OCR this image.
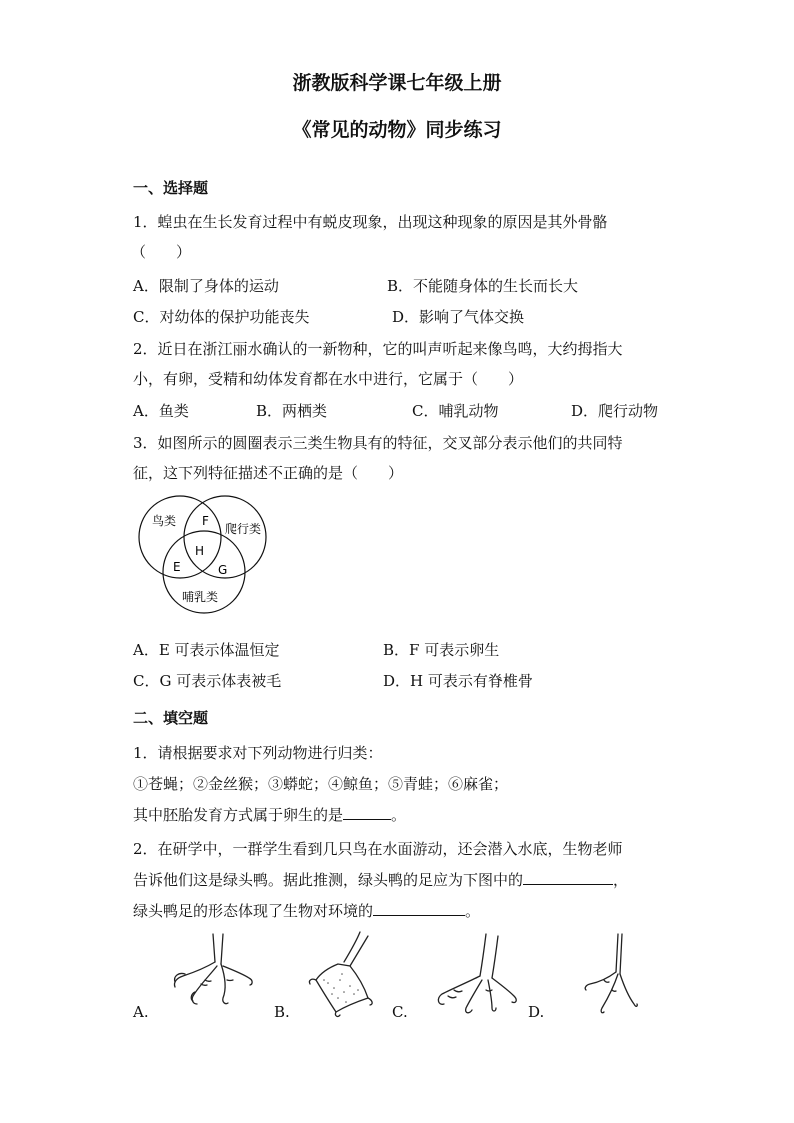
浙教版科学课七年级上册
《常见的动物》同步练习
一、选择题
1．蝗虫在生长发育过程中有蜕皮现象，出现这种现象的原因是其外骨骼
（　　）
A．限制了身体的运动	B．不能随身体的生长而长大
C．对幼体的保护功能丧失	D．影响了气体交换
2．近日在浙江丽水确认的一新物种，它的叫声听起来像鸟鸣，大约拇指大
小，有卵，受精和幼体发育都在水中进行，它属于（　　）
A．鱼类	B．两栖类	C．哺乳动物	D．爬行动物
3．如图所示的圆圈表示三类生物具有的特征，交叉部分表示他们的共同特
征，这下列特征描述不正确的是（　　）
鸟类
爬行类
哺乳类
F
H
E	G
A．E 可表示体温恒定	B．F 可表示卵生
C．G 可表示体表被毛	D．H 可表示有脊椎骨
二、填空题
1．请根据要求对下列动物进行归类：
①苍蝇；②金丝猴；③蟒蛇；④鲸鱼；⑤青蛙；⑥麻雀；
其中胚胎发育方式属于卵生的是	。
2．在研学中，一群学生看到几只鸟在水面游动，还会潜入水底，生物老师
告诉他们这是绿头鸭。据此推测，绿头鸭的足应为下图中的	，
绿头鸭足的形态体现了生物对环境的	。
A.	B.	C.	D.
